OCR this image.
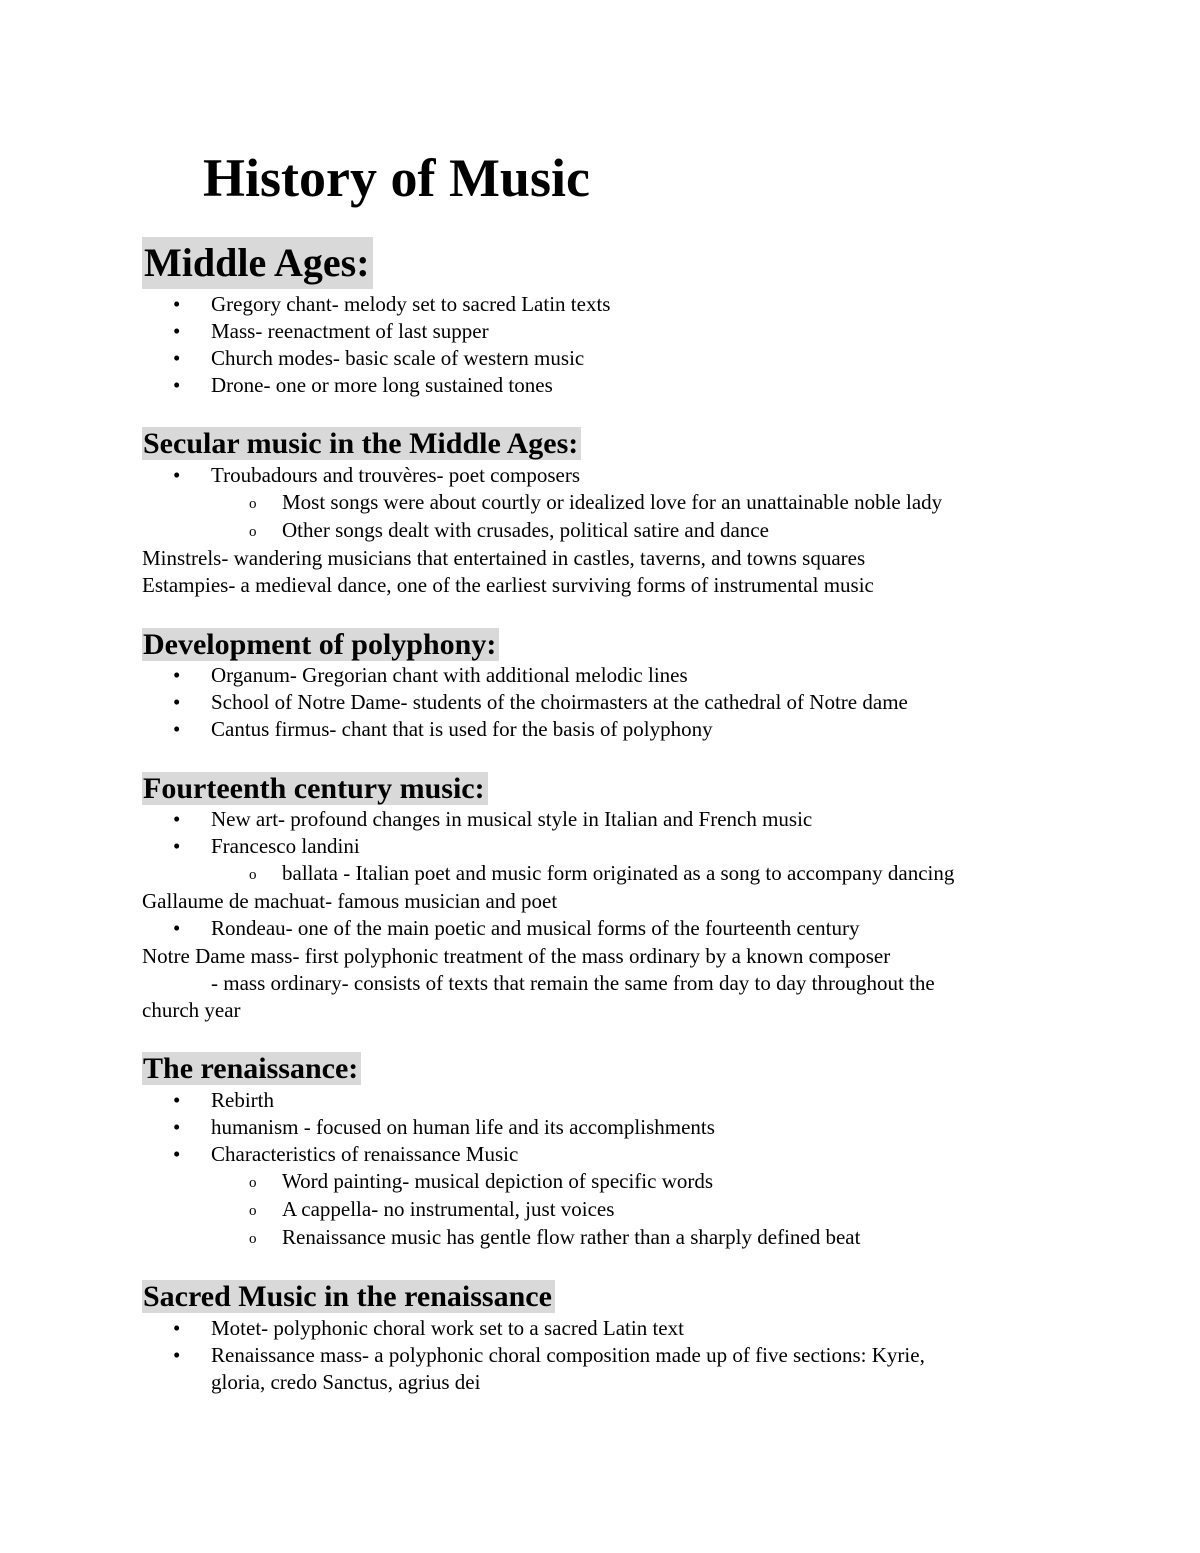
History of Music
Middle Ages:
• Gregory chant- melody set to sacred Latin texts
• Mass- reenactment of last supper
• Church modes- basic scale of western music
• Drone- one or more long sustained tones
Secular music in the Middle Ages:
• Troubadours and trouvères- poet composers
o Most songs were about courtly or idealized love for an unattainable noble lady
o Other songs dealt with crusades, political satire and dance
Minstrels- wandering musicians that entertained in castles, taverns, and towns squares
Estampies- a medieval dance, one of the earliest surviving forms of instrumental music
Development of polyphony:
• Organum- Gregorian chant with additional melodic lines
• School of Notre Dame- students of the choirmasters at the cathedral of Notre dame
• Cantus firmus- chant that is used for the basis of polyphony
Fourteenth century music:
• New art- profound changes in musical style in Italian and French music
• Francesco landini
o ballata - Italian poet and music form originated as a song to accompany dancing
Gallaume de machuat- famous musician and poet
• Rondeau- one of the main poetic and musical forms of the fourteenth century
Notre Dame mass- first polyphonic treatment of the mass ordinary by a known composer
- mass ordinary- consists of texts that remain the same from day to day throughout the
church year
The renaissance:
• Rebirth
• humanism - focused on human life and its accomplishments
• Characteristics of renaissance Music
o Word painting- musical depiction of specific words
o A cappella- no instrumental, just voices
o Renaissance music has gentle flow rather than a sharply defined beat
Sacred Music in the renaissance
• Motet- polyphonic choral work set to a sacred Latin text
• Renaissance mass- a polyphonic choral composition made up of five sections: Kyrie,
gloria, credo Sanctus, agrius dei
